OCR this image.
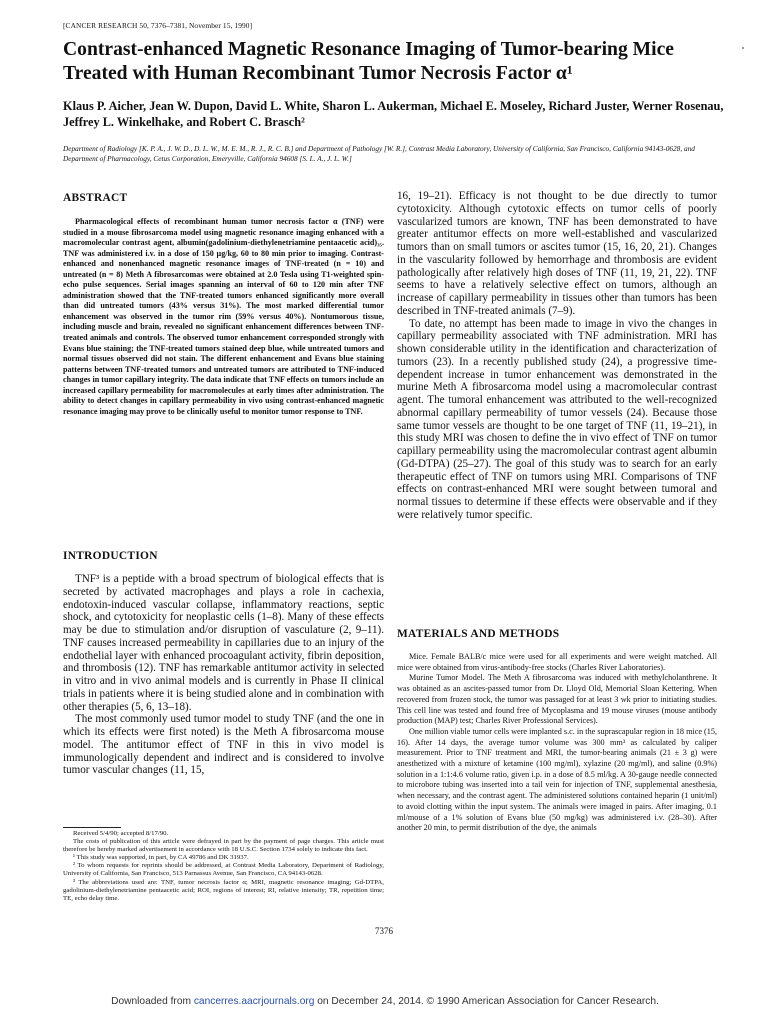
[CANCER RESEARCH 50, 7376–7381, November 15, 1990]
Contrast-enhanced Magnetic Resonance Imaging of Tumor-bearing Mice Treated with Human Recombinant Tumor Necrosis Factor α¹
Klaus P. Aicher, Jean W. Dupon, David L. White, Sharon L. Aukerman, Michael E. Moseley, Richard Juster, Werner Rosenau, Jeffrey L. Winkelhake, and Robert C. Brasch²
Department of Radiology [K. P. A., J. W. D., D. L. W., M. E. M., R. J., R. C. B.] and Department of Pathology [W. R.], Contrast Media Laboratory, University of California, San Francisco, California 94143-0628, and Department of Pharmacology, Cetus Corporation, Emeryville, California 94608 [S. L. A., J. L. W.]
ABSTRACT
Pharmacological effects of recombinant human tumor necrosis factor α (TNF) were studied in a mouse fibrosarcoma model using magnetic resonance imaging enhanced with a macromolecular contrast agent, albumin(gadolinium-diethylenetriamine pentaacetic acid)₃₅. TNF was administered i.v. in a dose of 150 µg/kg, 60 to 80 min prior to imaging. Contrast-enhanced and nonenhanced magnetic resonance images of TNF-treated (n = 10) and untreated (n = 8) Meth A fibrosarcomas were obtained at 2.0 Tesla using T1-weighted spin-echo pulse sequences. Serial images spanning an interval of 60 to 120 min after TNF administration showed that the TNF-treated tumors enhanced significantly more overall than did untreated tumors (43% versus 31%). The most marked differential tumor enhancement was observed in the tumor rim (59% versus 40%). Nontumorous tissue, including muscle and brain, revealed no significant enhancement differences between TNF-treated animals and controls. The observed tumor enhancement corresponded strongly with Evans blue staining; the TNF-treated tumors stained deep blue, while untreated tumors and normal tissues observed did not stain. The different enhancement and Evans blue staining patterns between TNF-treated tumors and untreated tumors are attributed to TNF-induced changes in tumor capillary integrity. The data indicate that TNF effects on tumors include an increased capillary permeability for macromolecules at early times after administration. The ability to detect changes in capillary permeability in vivo using contrast-enhanced magnetic resonance imaging may prove to be clinically useful to monitor tumor response to TNF.
INTRODUCTION

TNF³ is a peptide with a broad spectrum of biological effects that is secreted by activated macrophages and plays a role in cachexia, endotoxin-induced vascular collapse, inflammatory reactions, septic shock, and cytotoxicity for neoplastic cells (1–8). Many of these effects may be due to stimulation and/or disruption of vasculature (2, 9–11). TNF causes increased permeability in capillaries due to an injury of the endothelial layer with enhanced procoagulant activity, fibrin deposition, and thrombosis (12). TNF has remarkable antitumor activity in selected in vitro and in vivo animal models and is currently in Phase II clinical trials in patients where it is being studied alone and in combination with other therapies (5, 6, 13–18).

The most commonly used tumor model to study TNF (and the one in which its effects were first noted) is the Meth A fibrosarcoma mouse model. The antitumor effect of TNF in this in vivo model is immunologically dependent and indirect and is considered to involve tumor vascular changes (11, 15,

Received 5/4/90; accepted 8/17/90.

The costs of publication of this article were defrayed in part by the payment of page charges. This article must therefore be hereby marked advertisement in accordance with 18 U.S.C. Section 1734 solely to indicate this fact.

¹ This study was supported, in part, by CA 49786 and DK 31937.

² To whom requests for reprints should be addressed, at Contrast Media Laboratory, Department of Radiology, University of California, San Francisco, 513 Parnassus Avenue, San Francisco, CA 94143-0628.

³ The abbreviations used are: TNF, tumor necrosis factor α; MRI, magnetic resonance imaging; Gd-DTPA, gadolinium-diethylenetriamine pentaacetic acid; ROI, regions of interest; RI, relative intensity; TR, repetition time; TE, echo delay time.

16, 19–21). Efficacy is not thought to be due directly to tumor cytotoxicity. Although cytotoxic effects on tumor cells of poorly vascularized tumors are known, TNF has been demonstrated to have greater antitumor effects on more well-established and vascularized tumors than on small tumors or ascites tumor (15, 16, 20, 21). Changes in the vascularity followed by hemorrhage and thrombosis are evident pathologically after relatively high doses of TNF (11, 19, 21, 22). TNF seems to have a relatively selective effect on tumors, although an increase of capillary permeability in tissues other than tumors has been described in TNF-treated animals (7–9).

To date, no attempt has been made to image in vivo the changes in capillary permeability associated with TNF administration. MRI has shown considerable utility in the identification and characterization of tumors (23). In a recently published study (24), a progressive time-dependent increase in tumor enhancement was demonstrated in the murine Meth A fibrosarcoma model using a macromolecular contrast agent. The tumoral enhancement was attributed to the well-recognized abnormal capillary permeability of tumor vessels (24). Because those same tumor vessels are thought to be one target of TNF (11, 19–21), in this study MRI was chosen to define the in vivo effect of TNF on tumor capillary permeability using the macromolecular contrast agent albumin (Gd-DTPA) (25–27). The goal of this study was to search for an early therapeutic effect of TNF on tumors using MRI. Comparisons of TNF effects on contrast-enhanced MRI were sought between tumoral and normal tissues to determine if these effects were observable and if they were relatively tumor specific.

MATERIALS AND METHODS

Mice. Female BALB/c mice were used for all experiments and were weight matched. All mice were obtained from virus-antibody-free stocks (Charles River Laboratories).

Murine Tumor Model. The Meth A fibrosarcoma was induced with methylcholanthrene. It was obtained as an ascites-passed tumor from Dr. Lloyd Old, Memorial Sloan Kettering. When recovered from frozen stock, the tumor was passaged for at least 3 wk prior to initiating studies. This cell line was tested and found free of Mycoplasma and 19 mouse viruses (mouse antibody production (MAP) test; Charles River Professional Services).

One million viable tumor cells were implanted s.c. in the suprascapular region in 18 mice (15, 16). After 14 days, the average tumor volume was 300 mm³ as calculated by caliper measurement. Prior to TNF treatment and MRI, the tumor-bearing animals (21 ± 3 g) were anesthetized with a mixture of ketamine (100 mg/ml), xylazine (20 mg/ml), and saline (0.9%) solution in a 1:1:4.6 volume ratio, given i.p. in a dose of 8.5 ml/kg. A 30-gauge needle connected to microbore tubing was inserted into a tail vein for injection of TNF, supplemental anesthesia, when necessary, and the contrast agent. The administered solutions contained heparin (1 unit/ml) to avoid clotting within the input system. The animals were imaged in pairs. After imaging, 0.1 ml/mouse of a 1% solution of Evans blue (50 mg/kg) was administered i.v. (28–30). After another 20 min, to permit distribution of the dye, the animals

7376
Downloaded from cancerres.aacrjournals.org on December 24, 2014. © 1990 American Association for Cancer Research.
